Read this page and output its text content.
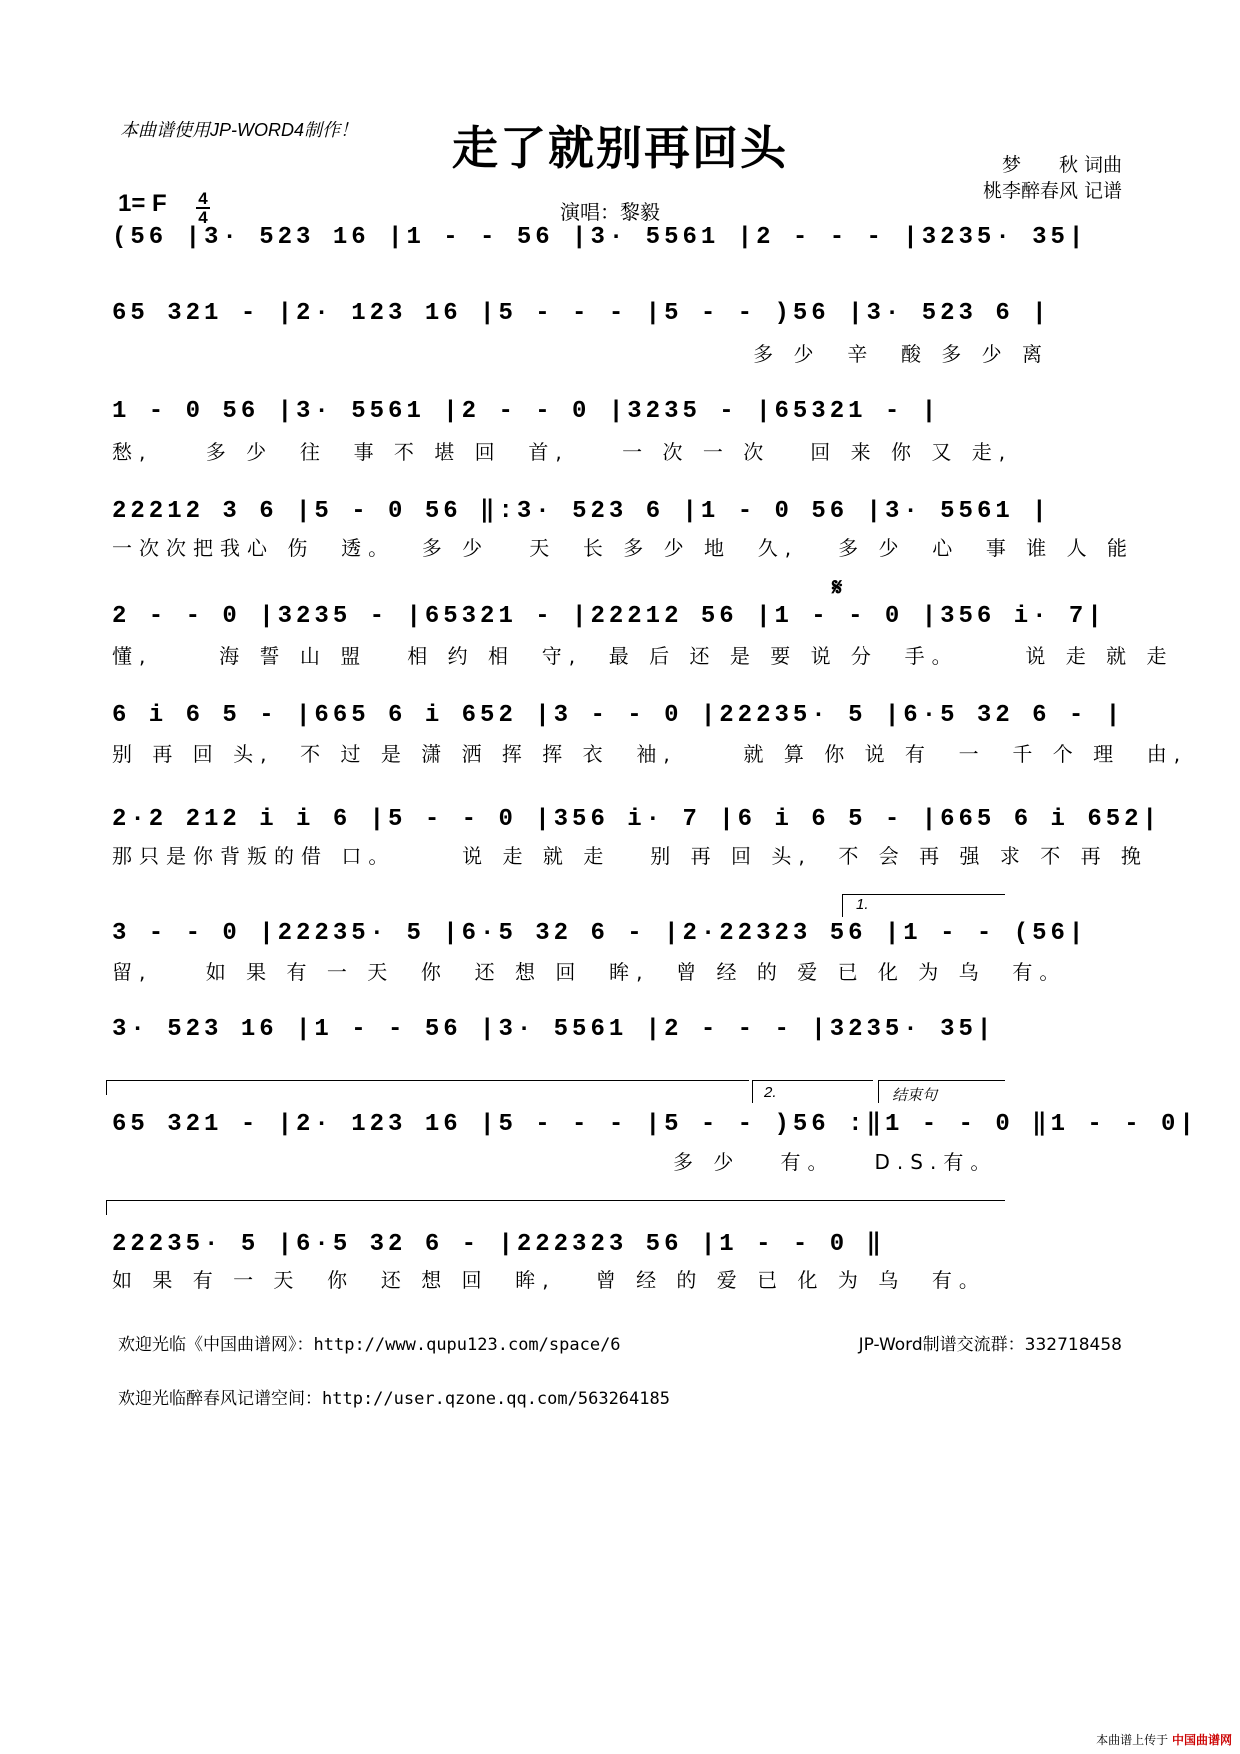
本曲谱使用JP-WORD4制作！	走了就别再回头	梦　　秋 词曲
桃李醉春风 记谱
1= F 4
4	演唱：黎毅
(56 |3· 523 16 |1 - - 56 |3· 5561 |2 - - - |3235· 35|
65 321 - |2· 123 16 |5 - - - |5 - - )56 |3· 523 6 |
多 少  辛  酸 多 少 离
1 - 0 56 |3· 5561 |2 - - 0 |3235 - |65321 - |
愁,    多 少  往  事 不 堪 回  首,    一 次 一 次   回 来 你 又 走,
22212 3 6 |5 - 0 56 ‖:3· 523 6 |1 - 0 56 |3· 5561 |
一次次把我心 伤  透。  多 少   天  长 多 少 地  久,   多 少  心  事 谁 人 能
𝄋
2 - - 0 |3235 - |65321 - |22212 56 |1 - - 0 |356 i· 7|
懂,     海 誓 山 盟   相 约 相  守,  最 后 还 是 要 说 分  手。     说 走 就 走
6 i 6 5 - |665 6 i 652 |3 - - 0 |22235· 5 |6·5 32 6 - |
别 再 回 头,  不 过 是 潇 洒 挥 挥 衣  袖,     就 算 你 说 有  一  千 个 理  由,
2·2 212 i i 6 |5 - - 0 |356 i· 7 |6 i 6 5 - |665 6 i 652|
那只是你背叛的借 口。     说 走 就 走   别 再 回 头,  不 会 再 强 求 不 再 挽
1.
3 - - 0 |22235· 5 |6·5 32 6 - |2·22323 56 |1 - - (56|
留,    如 果 有 一 天  你  还 想 回  眸,  曾 经 的 爱 已 化 为 乌  有。
3· 523 16 |1 - - 56 |3· 5561 |2 - - - |3235· 35|
2.	结束句
65 321 - |2· 123 16 |5 - - - |5 - - )56 :‖1 - - 0 ‖1 - - 0|
多 少   有。   D.S.有。
22235· 5 |6·5 32 6 - |222323 56 |1 - - 0 ‖
如 果 有 一 天  你  还 想 回  眸,   曾 经 的 爱 已 化 为 乌  有。
欢迎光临《中国曲谱网》：http://www.qupu123.com/space/6	JP-Word制谱交流群：332718458
欢迎光临醉春风记谱空间：http://user.qzone.qq.com/563264185
本曲谱上传于 中国曲谱网
